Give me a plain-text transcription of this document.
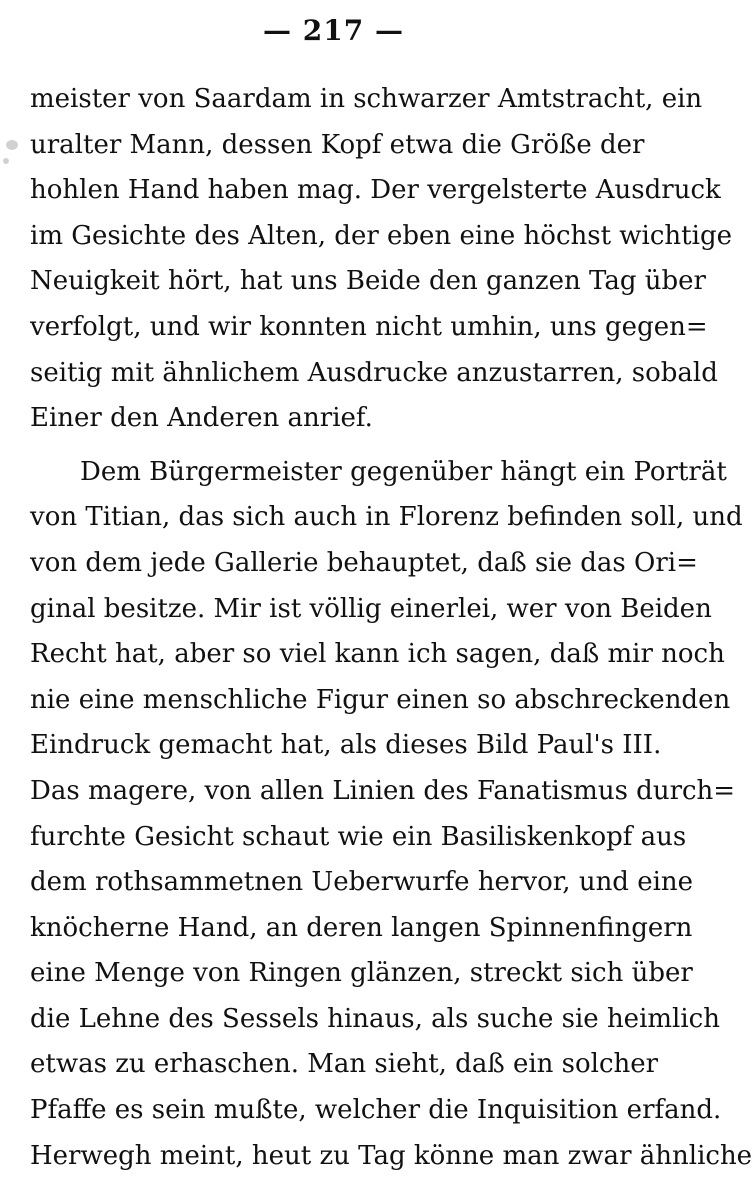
— 217 —
meister von Saardam in schwarzer Amtstracht, ein
uralter Mann, dessen Kopf etwa die Größe der
hohlen Hand haben mag. Der vergelsterte Ausdruck
im Gesichte des Alten, der eben eine höchst wichtige
Neuigkeit hört, hat uns Beide den ganzen Tag über
verfolgt, und wir konnten nicht umhin, uns gegen=
seitig mit ähnlichem Ausdrucke anzustarren, sobald
Einer den Anderen anrief.
Dem Bürgermeister gegenüber hängt ein Porträt
von Titian, das sich auch in Florenz befinden soll, und
von dem jede Gallerie behauptet, daß sie das Ori=
ginal besitze. Mir ist völlig einerlei, wer von Beiden
Recht hat, aber so viel kann ich sagen, daß mir noch
nie eine menschliche Figur einen so abschreckenden
Eindruck gemacht hat, als dieses Bild Paul's III.
Das magere, von allen Linien des Fanatismus durch=
furchte Gesicht schaut wie ein Basiliskenkopf aus
dem rothsammetnen Ueberwurfe hervor, und eine
knöcherne Hand, an deren langen Spinnenfingern
eine Menge von Ringen glänzen, streckt sich über
die Lehne des Sessels hinaus, als suche sie heimlich
etwas zu erhaschen. Man sieht, daß ein solcher
Pfaffe es sein mußte, welcher die Inquisition erfand.
Herwegh meint, heut zu Tag könne man zwar ähnliche
